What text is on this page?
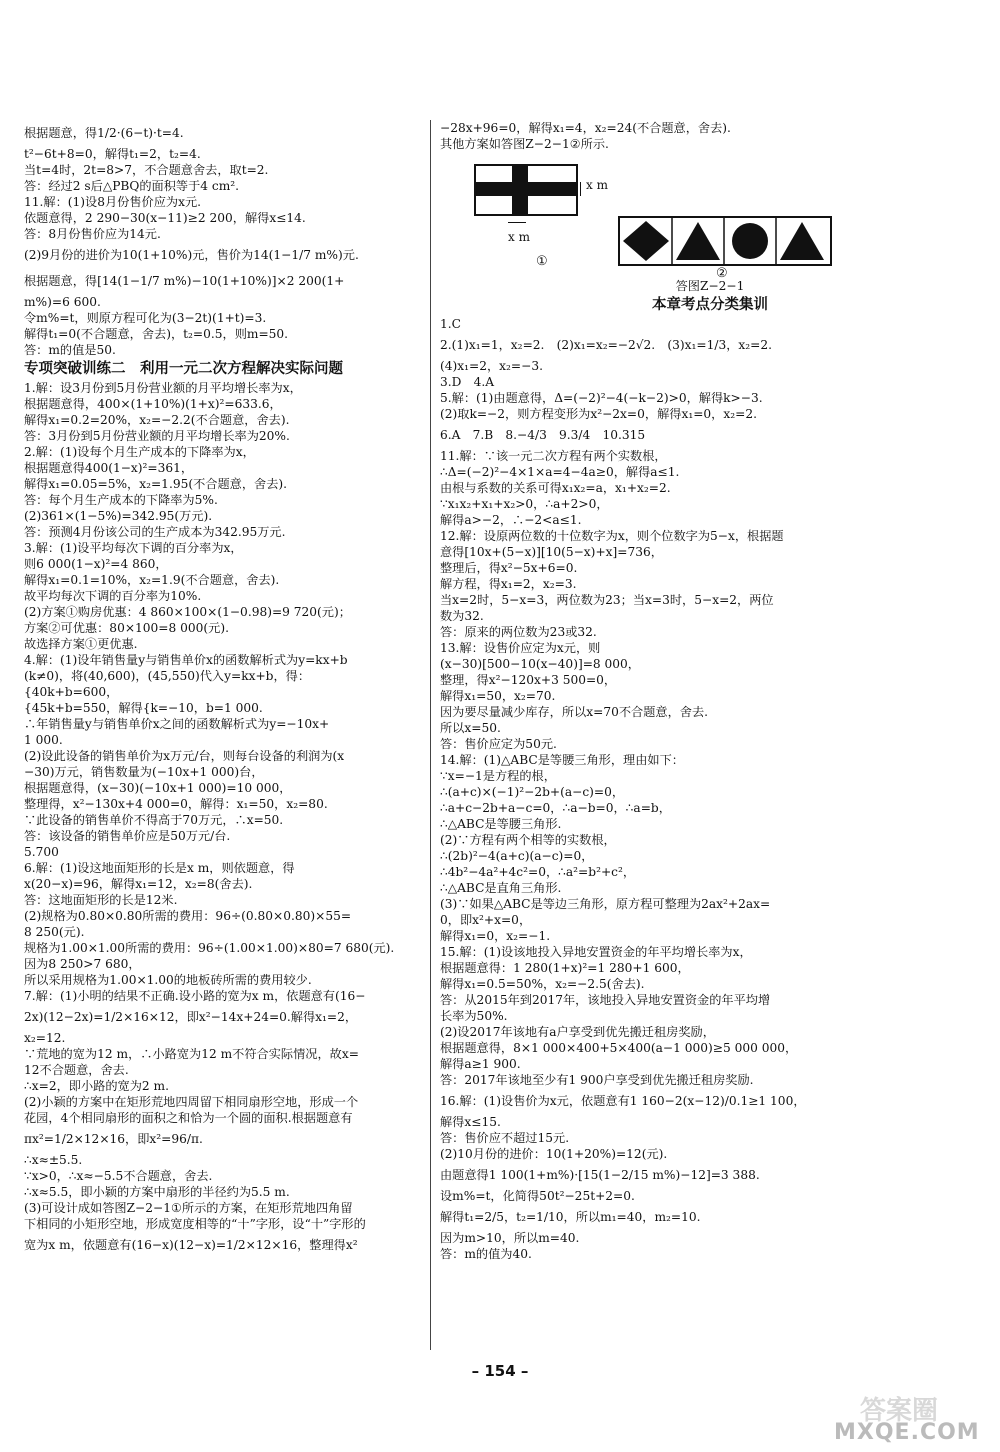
根据题意，得1/2·(6−t)·t=4.
t²−6t+8=0，解得t₁=2，t₂=4.
当t=4时，2t=8>7，不合题意舍去，取t=2.
答：经过2 s后△PBQ的面积等于4 cm².
11.解：(1)设8月份售价应为x元.
依题意得，2 290−30(x−11)≥2 200，解得x≤14.
答：8月份售价应为14元.
(2)9月份的进价为10(1+10%)元，售价为14(1−1/7 m%)元.
根据题意，得[14(1−1/7 m%)−10(1+10%)]×2 200(1+
m%)=6 600.
令m%=t，则原方程可化为(3−2t)(1+t)=3.
解得t₁=0(不合题意，舍去)，t₂=0.5，则m=50.
答：m的值是50.
专项突破训练二　利用一元二次方程解决实际问题
1.解：设3月份到5月份营业额的月平均增长率为x，
根据题意得，400×(1+10%)(1+x)²=633.6，
解得x₁=0.2=20%，x₂=−2.2(不合题意，舍去).
答：3月份到5月份营业额的月平均增长率为20%.
2.解：(1)设每个月生产成本的下降率为x，
根据题意得400(1−x)²=361，
解得x₁=0.05=5%，x₂=1.95(不合题意，舍去).
答：每个月生产成本的下降率为5%.
(2)361×(1−5%)=342.95(万元).
答：预测4月份该公司的生产成本为342.95万元.
3.解：(1)设平均每次下调的百分率为x，
则6 000(1−x)²=4 860，
解得x₁=0.1=10%，x₂=1.9(不合题意，舍去).
故平均每次下调的百分率为10%.
(2)方案①购房优惠：4 860×100×(1−0.98)=9 720(元)；
方案②可优惠：80×100=8 000(元).
故选择方案①更优惠.
4.解：(1)设年销售量y与销售单价x的函数解析式为y=kx+b
(k≠0)，将(40,600)，(45,550)代入y=kx+b，得：
{40k+b=600，
{45k+b=550，解得{k=−10，b=1 000.
∴年销售量y与销售单价x之间的函数解析式为y=−10x+
1 000.
(2)设此设备的销售单价为x万元/台，则每台设备的利润为(x
−30)万元，销售数量为(−10x+1 000)台，
根据题意得，(x−30)(−10x+1 000)=10 000，
整理得，x²−130x+4 000=0，解得：x₁=50，x₂=80.
∵此设备的销售单价不得高于70万元，∴x=50.
答：该设备的销售单价应是50万元/台.
5.700
6.解：(1)设这地面矩形的长是x m，则依题意，得
x(20−x)=96，解得x₁=12，x₂=8(舍去).
答：这地面矩形的长是12米.
(2)规格为0.80×0.80所需的费用：96÷(0.80×0.80)×55=
8 250(元).
规格为1.00×1.00所需的费用：96÷(1.00×1.00)×80=7 680(元).
因为8 250>7 680，
所以采用规格为1.00×1.00的地板砖所需的费用较少.
7.解：(1)小明的结果不正确.设小路的宽为x m，依题意有(16−
2x)(12−2x)=1/2×16×12，即x²−14x+24=0.解得x₁=2，
x₂=12.
∵荒地的宽为12 m，∴小路宽为12 m不符合实际情况，故x=
12不合题意，舍去.
∴x=2，即小路的宽为2 m.
(2)小颖的方案中在矩形荒地四周留下相同扇形空地，形成一个
花园，4个相同扇形的面积之和恰为一个圆的面积.根据题意有
πx²=1/2×12×16，即x²=96/π.
∴x≈±5.5.
∵x>0，∴x≈−5.5不合题意，舍去.
∴x≈5.5，即小颖的方案中扇形的半径约为5.5 m.
(3)可设计成如答图Z−2−1①所示的方案，在矩形荒地四角留
下相同的小矩形空地，形成宽度相等的“十”字形，设“十”字形的
宽为x m，依题意有(16−x)(12−x)=1/2×12×16，整理得x²
−28x+96=0，解得x₁=4，x₂=24(不合题意，舍去).
其他方案如答图Z−2−1②所示.
x m
x m
①
②
答图Z−2−1
本章考点分类集训
1.C
2.(1)x₁=1，x₂=2.　(2)x₁=x₂=−2√2.　(3)x₁=1/3，x₂=2.
(4)x₁=2，x₂=−3.
3.D　4.A
5.解：(1)由题意得，Δ=(−2)²−4(−k−2)>0，解得k>−3.
(2)取k=−2，则方程变形为x²−2x=0，解得x₁=0，x₂=2.
6.A　7.B　8.−4/3　9.3/4　10.315
11.解：∵该一元二次方程有两个实数根，
∴Δ=(−2)²−4×1×a=4−4a≥0，解得a≤1.
由根与系数的关系可得x₁x₂=a，x₁+x₂=2.
∵x₁x₂+x₁+x₂>0，∴a+2>0，
解得a>−2，∴−2<a≤1.
12.解：设原两位数的十位数字为x，则个位数字为5−x，根据题
意得[10x+(5−x)][10(5−x)+x]=736，
整理后，得x²−5x+6=0.
解方程，得x₁=2，x₂=3.
当x=2时，5−x=3，两位数为23；当x=3时，5−x=2，两位
数为32.
答：原来的两位数为23或32.
13.解：设售价应定为x元，则
(x−30)[500−10(x−40)]=8 000，
整理，得x²−120x+3 500=0，
解得x₁=50，x₂=70.
因为要尽量减少库存，所以x=70不合题意，舍去.
所以x=50.
答：售价应定为50元.
14.解：(1)△ABC是等腰三角形，理由如下：
∵x=−1是方程的根，
∴(a+c)×(−1)²−2b+(a−c)=0，
∴a+c−2b+a−c=0，∴a−b=0，∴a=b，
∴△ABC是等腰三角形.
(2)∵方程有两个相等的实数根，
∴(2b)²−4(a+c)(a−c)=0，
∴4b²−4a²+4c²=0，∴a²=b²+c²，
∴△ABC是直角三角形.
(3)∵如果△ABC是等边三角形，原方程可整理为2ax²+2ax=
0，即x²+x=0，
解得x₁=0，x₂=−1.
15.解：(1)设该地投入异地安置资金的年平均增长率为x，
根据题意得：1 280(1+x)²=1 280+1 600，
解得x₁=0.5=50%，x₂=−2.5(舍去).
答：从2015年到2017年，该地投入异地安置资金的年平均增
长率为50%.
(2)设2017年该地有a户享受到优先搬迁租房奖励，
根据题意得，8×1 000×400+5×400(a−1 000)≥5 000 000，
解得a≥1 900.
答：2017年该地至少有1 900户享受到优先搬迁租房奖励.
16.解：(1)设售价为x元，依题意有1 160−2(x−12)/0.1≥1 100，
解得x≤15.
答：售价应不超过15元.
(2)10月份的进价：10(1+20%)=12(元).
由题意得1 100(1+m%)·[15(1−2/15 m%)−12]=3 388.
设m%=t，化简得50t²−25t+2=0.
解得t₁=2/5，t₂=1/10，所以m₁=40，m₂=10.
因为m>10，所以m=40.
答：m的值为40.
– 154 –
答案圈
MXQE.COM
